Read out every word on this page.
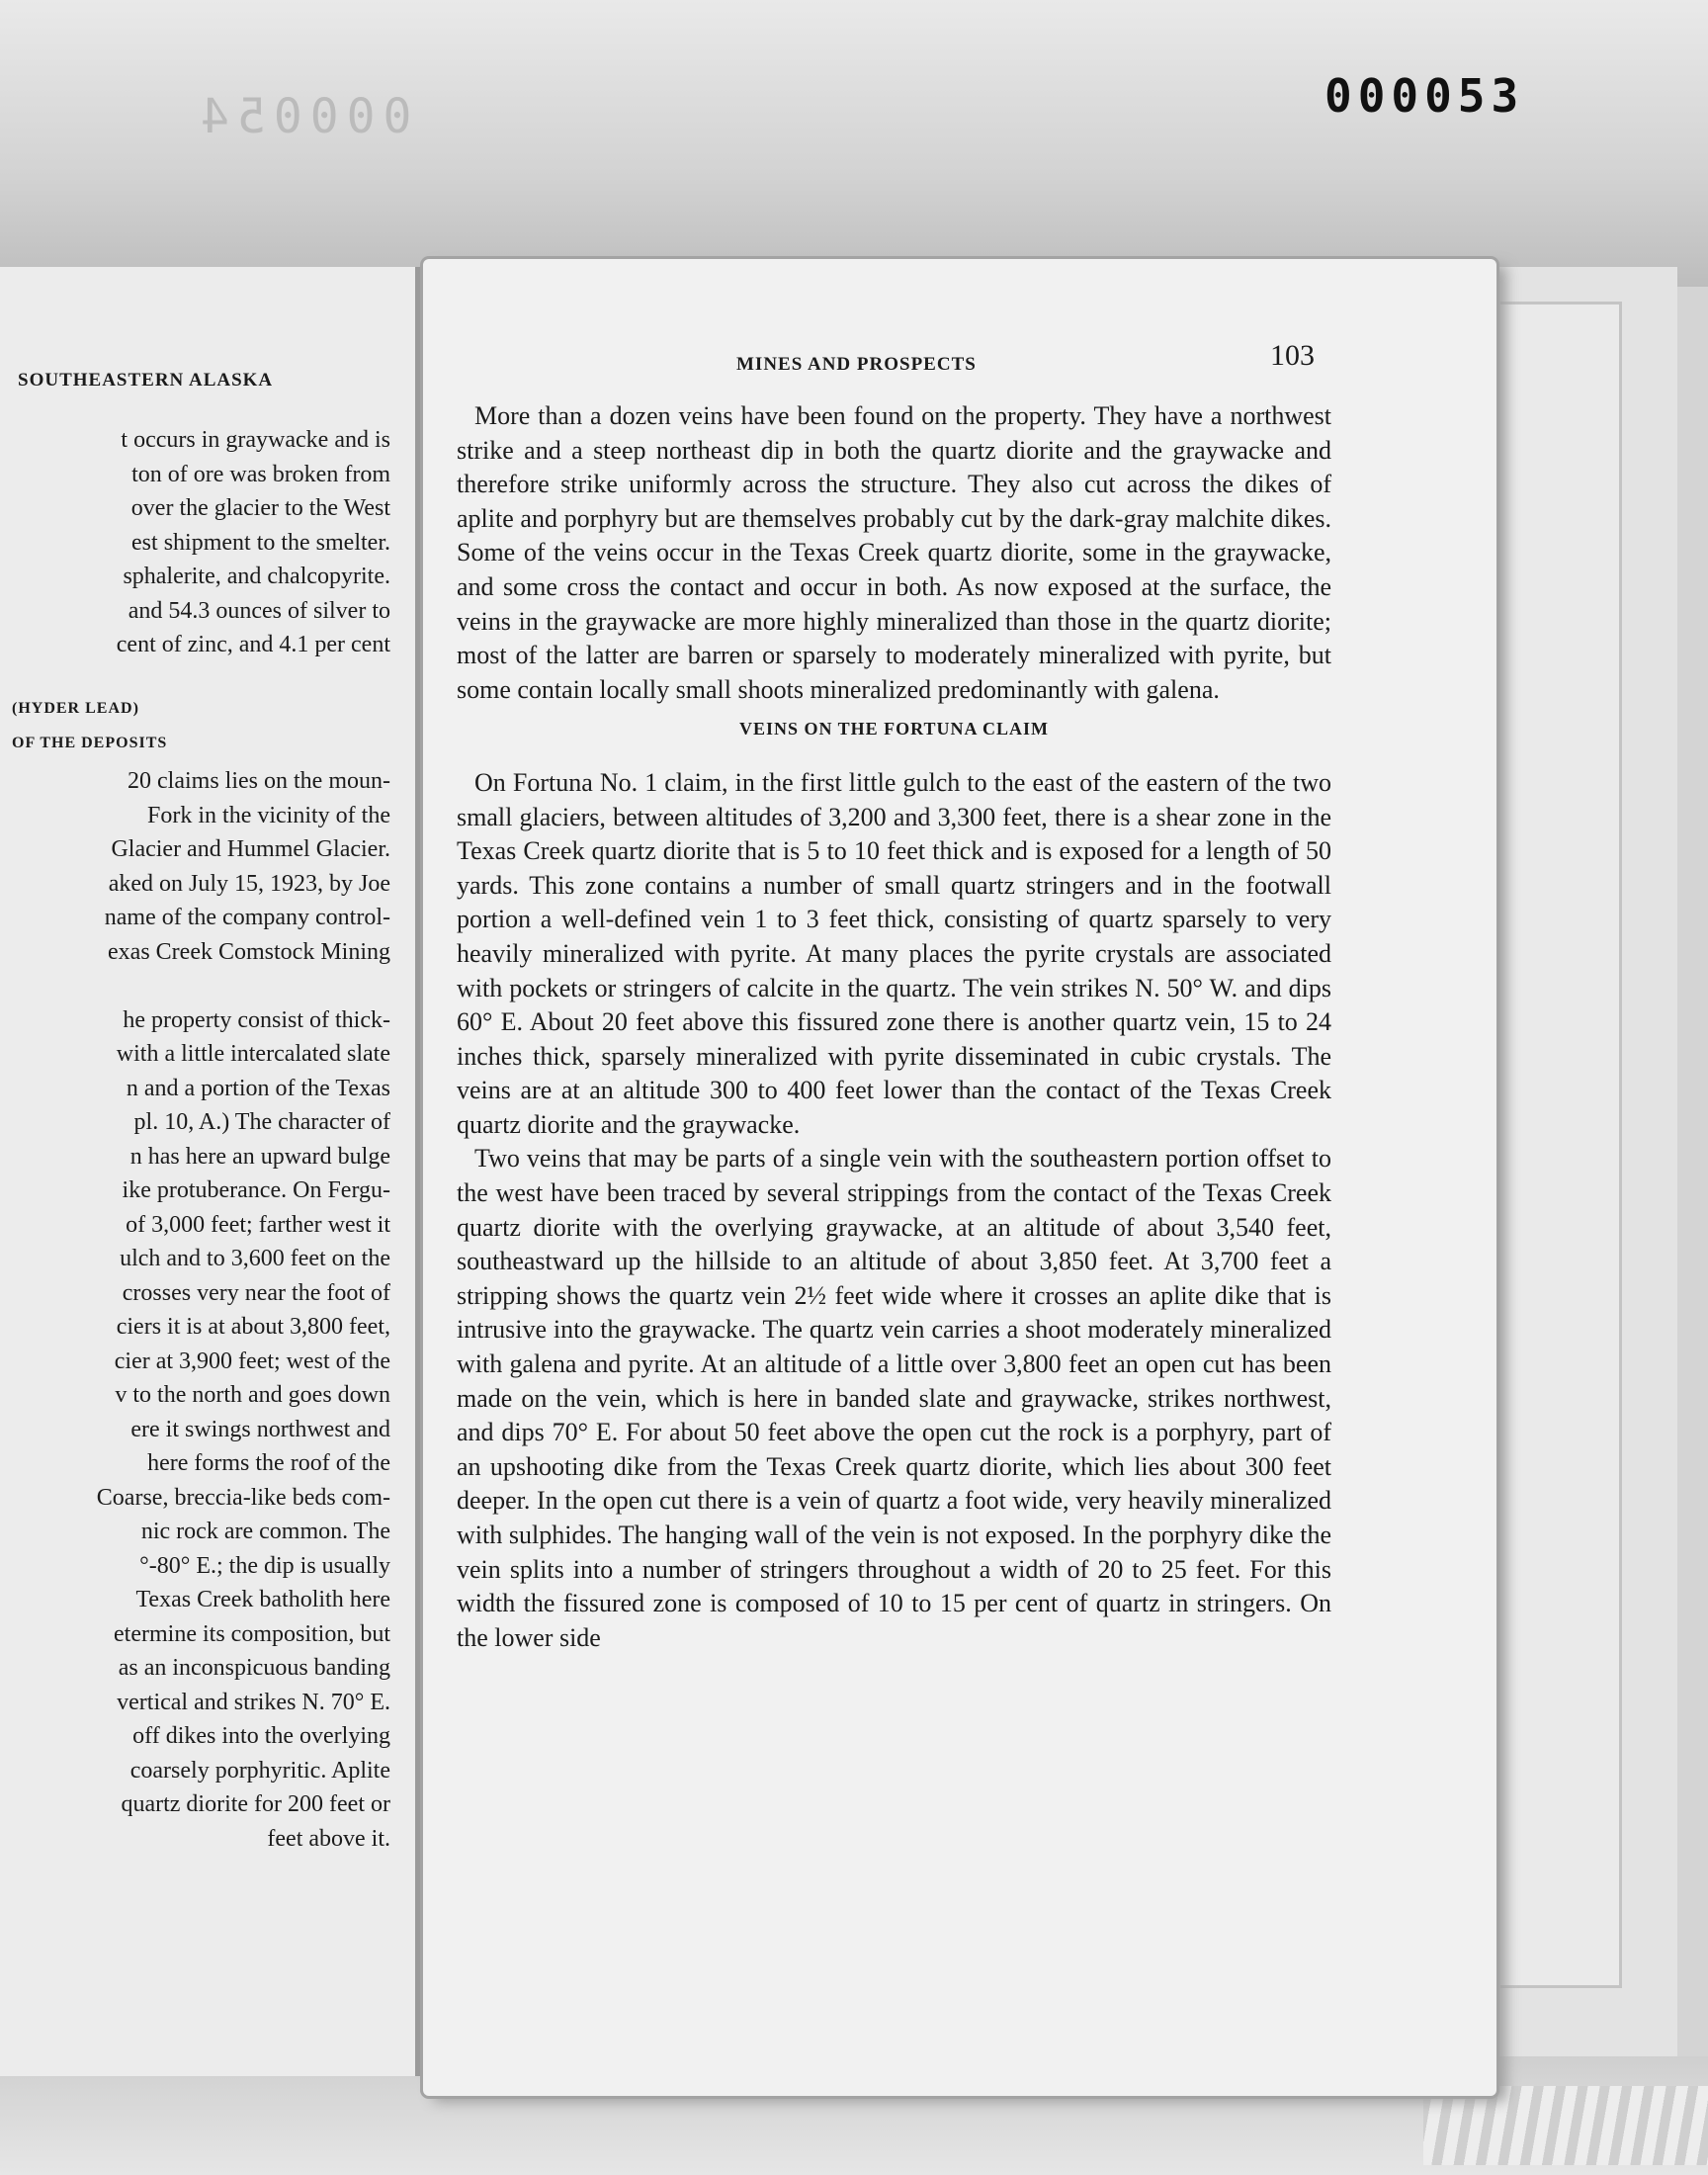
000054	000053
SOUTHEASTERN ALASKA
t occurs in graywacke and is
ton of ore was broken from
over the glacier to the West
est shipment to the smelter.
sphalerite, and chalcopyrite.
and 54.3 ounces of silver to
cent of zinc, and 4.1 per cent
(HYDER LEAD)
OF THE DEPOSITS
20 claims lies on the moun-
Fork in the vicinity of the
Glacier and Hummel Glacier.
aked on July 15, 1923, by Joe
name of the company control-
exas Creek Comstock Mining
he property consist of thick-
with a little intercalated slate
n and a portion of the Texas
pl. 10, A.) The character of
n has here an upward bulge
ike protuberance. On Fergu-
of 3,000 feet; farther west it
ulch and to 3,600 feet on the
crosses very near the foot of
ciers it is at about 3,800 feet,
cier at 3,900 feet; west of the
v to the north and goes down
ere it swings northwest and
here forms the roof of the
Coarse, breccia-like beds com-
nic rock are common. The
°-80° E.; the dip is usually
Texas Creek batholith here
etermine its composition, but
as an inconspicuous banding
vertical and strikes N. 70° E.
off dikes into the overlying
coarsely porphyritic. Aplite
quartz diorite for 200 feet or
feet above it.
MINES AND PROSPECTS	103

More than a dozen veins have been found on the property. They have a northwest strike and a steep northeast dip in both the quartz diorite and the graywacke and therefore strike uniformly across the structure. They also cut across the dikes of aplite and porphyry but are themselves probably cut by the dark-gray malchite dikes. Some of the veins occur in the Texas Creek quartz diorite, some in the graywacke, and some cross the contact and occur in both. As now exposed at the surface, the veins in the graywacke are more highly mineralized than those in the quartz diorite; most of the latter are barren or sparsely to moderately mineralized with pyrite, but some contain locally small shoots mineralized predominantly with galena.

VEINS ON THE FORTUNA CLAIM

On Fortuna No. 1 claim, in the first little gulch to the east of the eastern of the two small glaciers, between altitudes of 3,200 and 3,300 feet, there is a shear zone in the Texas Creek quartz diorite that is 5 to 10 feet thick and is exposed for a length of 50 yards. This zone contains a number of small quartz stringers and in the footwall portion a well-defined vein 1 to 3 feet thick, consisting of quartz sparsely to very heavily mineralized with pyrite. At many places the pyrite crystals are associated with pockets or stringers of calcite in the quartz. The vein strikes N. 50° W. and dips 60° E. About 20 feet above this fissured zone there is another quartz vein, 15 to 24 inches thick, sparsely mineralized with pyrite disseminated in cubic crystals. The veins are at an altitude 300 to 400 feet lower than the contact of the Texas Creek quartz diorite and the graywacke.

Two veins that may be parts of a single vein with the southeastern portion offset to the west have been traced by several strippings from the contact of the Texas Creek quartz diorite with the overlying graywacke, at an altitude of about 3,540 feet, southeastward up the hillside to an altitude of about 3,850 feet. At 3,700 feet a stripping shows the quartz vein 2½ feet wide where it crosses an aplite dike that is intrusive into the graywacke. The quartz vein carries a shoot moderately mineralized with galena and pyrite. At an altitude of a little over 3,800 feet an open cut has been made on the vein, which is here in banded slate and graywacke, strikes northwest, and dips 70° E. For about 50 feet above the open cut the rock is a porphyry, part of an upshooting dike from the Texas Creek quartz diorite, which lies about 300 feet deeper. In the open cut there is a vein of quartz a foot wide, very heavily mineralized with sulphides. The hanging wall of the vein is not exposed. In the porphyry dike the vein splits into a number of stringers throughout a width of 20 to 25 feet. For this width the fissured zone is composed of 10 to 15 per cent of quartz in stringers. On the lower side
